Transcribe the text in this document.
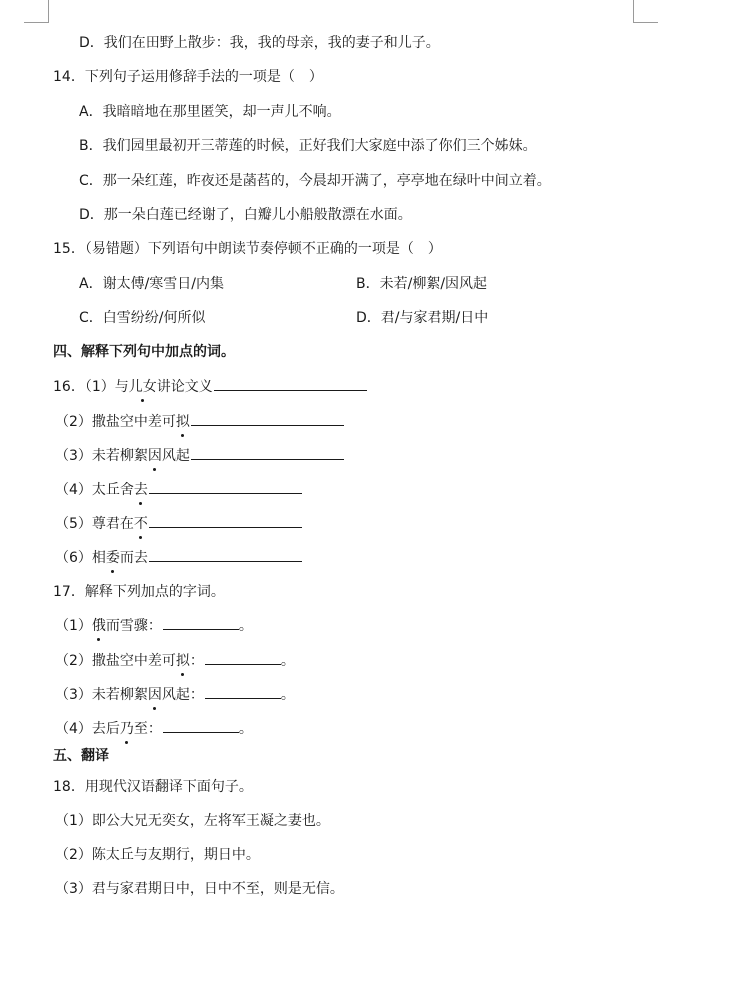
D．我们在田野上散步：我，我的母亲，我的妻子和儿子。
14．下列句子运用修辞手法的一项是（　）
A．我暗暗地在那里匿笑，却一声儿不响。
B．我们园里最初开三蒂莲的时候，正好我们大家庭中添了你们三个姊妹。
C．那一朵红莲，昨夜还是菡萏的，今晨却开满了，亭亭地在绿叶中间立着。
D．那一朵白莲已经谢了，白瓣儿小船般散漂在水面。
15．（易错题）下列语句中朗读节奏停顿不正确的一项是（　）
A．谢太傅/寒雪日/内集	B．未若/柳絮/因风起
C．白雪纷纷/何所似	D．君/与家君期/日中
四、解释下列句中加点的词。
16．（1）与儿女讲论文义
（2）撒盐空中差可拟
（3）未若柳絮因风起
（4）太丘舍去
（5）尊君在不
（6）相委而去
17．解释下列加点的字词。
（1）俄而雪骤：	。
（2）撒盐空中差可拟：	。
（3）未若柳絮因风起：	。
（4）去后乃至：	。
五、翻译
18．用现代汉语翻译下面句子。
（1）即公大兄无奕女，左将军王凝之妻也。
（2）陈太丘与友期行，期日中。
（3）君与家君期日中，日中不至，则是无信。
